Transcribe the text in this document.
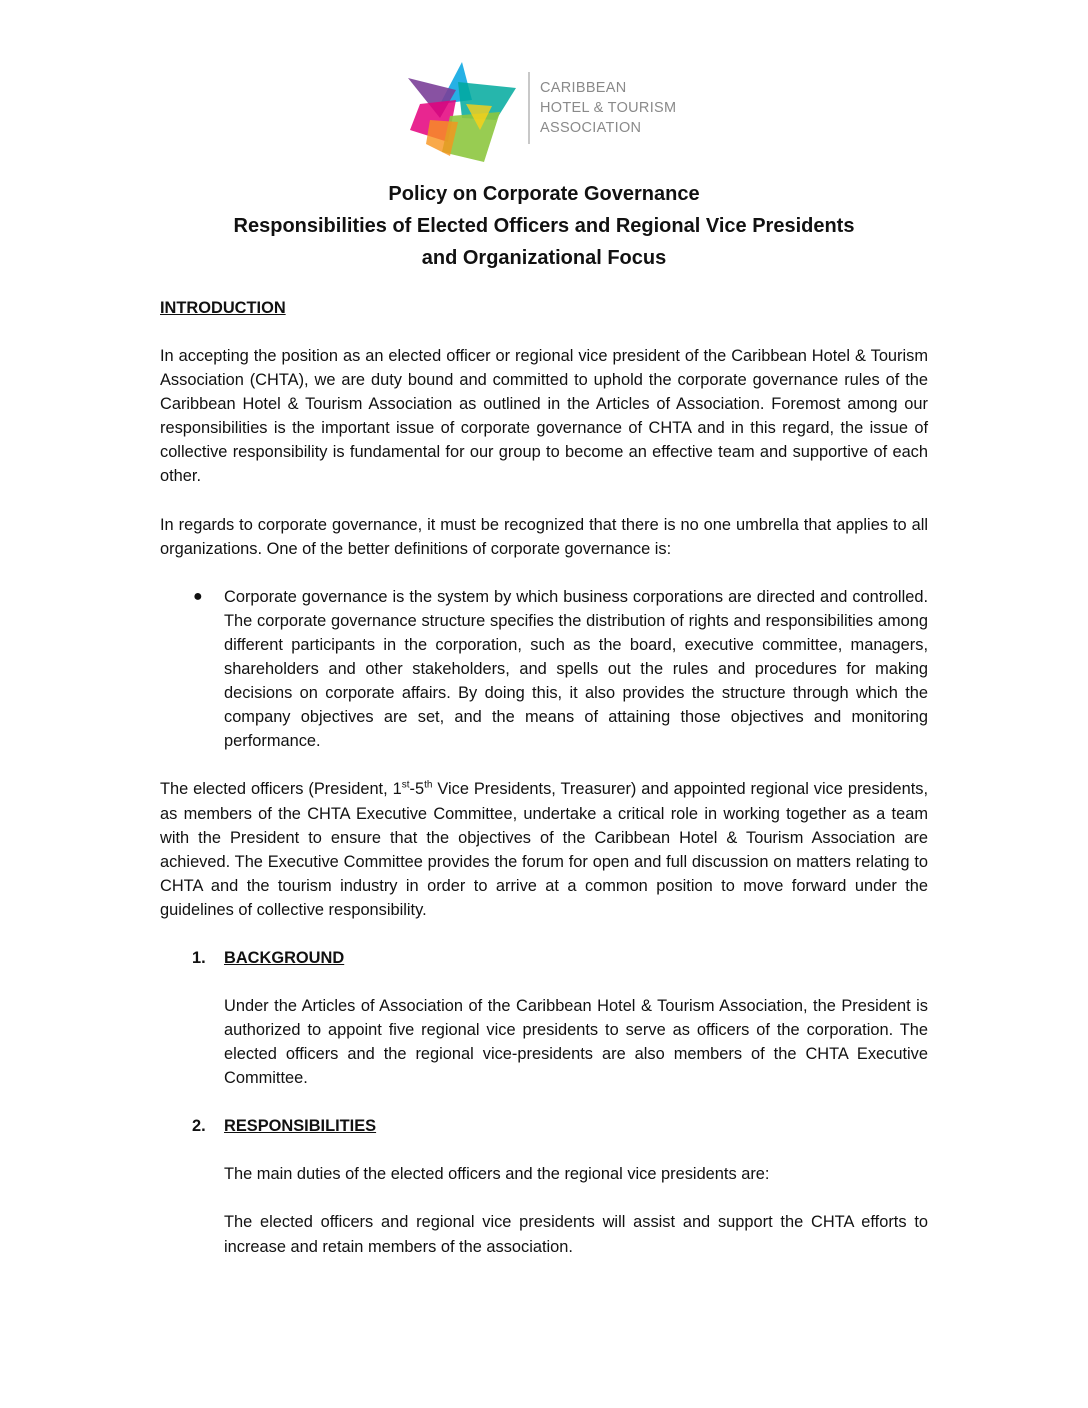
CARIBBEAN
HOTEL & TOURISM
ASSOCIATION
Policy on Corporate Governance
Responsibilities of Elected Officers and Regional Vice Presidents
and Organizational Focus
INTRODUCTION

In accepting the position as an elected officer or regional vice president of the Caribbean Hotel & Tourism Association (CHTA), we are duty bound and committed to uphold the corporate governance rules of the Caribbean Hotel & Tourism Association as outlined in the Articles of Association. Foremost among our responsibilities is the important issue of corporate governance of CHTA and in this regard, the issue of collective responsibility is fundamental for our group to become an effective team and supportive of each other.

In regards to corporate governance, it must be recognized that there is no one umbrella that applies to all organizations. One of the better definitions of corporate governance is:

● Corporate governance is the system by which business corporations are directed and controlled. The corporate governance structure specifies the distribution of rights and responsibilities among different participants in the corporation, such as the board, executive committee, managers, shareholders and other stakeholders, and spells out the rules and procedures for making decisions on corporate affairs. By doing this, it also provides the structure through which the company objectives are set, and the means of attaining those objectives and monitoring performance.

The elected officers (President, 1st-5th Vice Presidents, Treasurer) and appointed regional vice presidents, as members of the CHTA Executive Committee, undertake a critical role in working together as a team with the President to ensure that the objectives of the Caribbean Hotel & Tourism Association are achieved. The Executive Committee provides the forum for open and full discussion on matters relating to CHTA and the tourism industry in order to arrive at a common position to move forward under the guidelines of collective responsibility.

1. BACKGROUND

Under the Articles of Association of the Caribbean Hotel & Tourism Association, the President is authorized to appoint five regional vice presidents to serve as officers of the corporation. The elected officers and the regional vice-presidents are also members of the CHTA Executive Committee.

2. RESPONSIBILITIES

The main duties of the elected officers and the regional vice presidents are:

The elected officers and regional vice presidents will assist and support the CHTA efforts to increase and retain members of the association.
